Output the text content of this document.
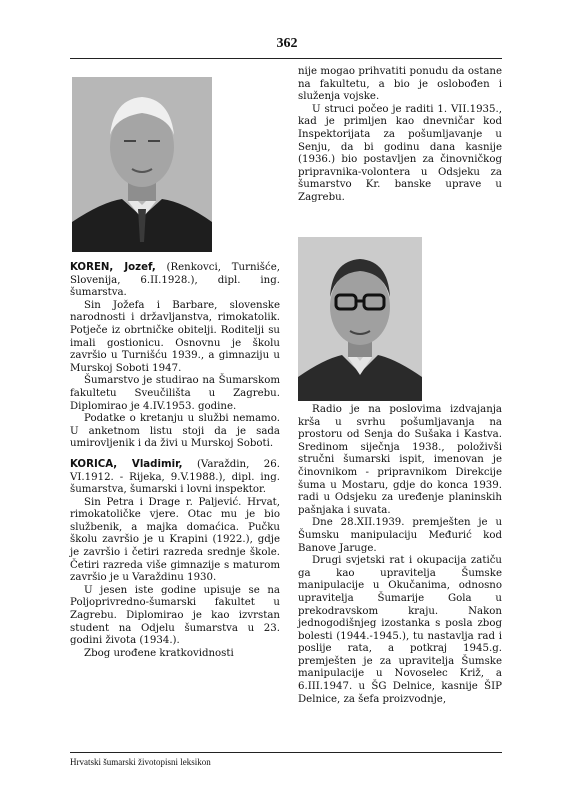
362

KOREN, Jozef, (Renkovci, Turnišće, Slovenija, 6.II.1928.), dipl. ing. šumarstva.

Sin Jožefa i Barbare, slovenske narodnosti i državljanstva, rimokatolik. Potječe iz obrtničke obitelji. Roditelji su imali gostionicu. Osnovnu je školu završio u Turnišću 1939., a gimnaziju u Murskoj Soboti 1947.

Šumarstvo je studirao na Šumarskom fakultetu Sveučilišta u Zagrebu. Diplomirao je 4.IV.1953. godine.

Podatke o kretanju u službi nemamo. U anketnom listu stoji da je sada umirovljenik i da živi u Murskoj Soboti.

KORICA, Vladimir, (Varaždin, 26. VI.1912. - Rijeka, 9.V.1988.), dipl. ing. šumarstva, šumarski i lovni inspektor.

Sin Petra i Drage r. Paljević. Hrvat, rimokatoličke vjere. Otac mu je bio službenik, a majka domaćica. Pučku školu završio je u Krapini (1922.), gdje je završio i četiri razreda srednje škole. Četiri razreda više gimnazije s maturom završio je u Varaždinu 1930.

U jesen iste godine upisuje se na Poljoprivredno-šumarski fakultet u Zagrebu. Diplomirao je kao izvrstan student na Odjelu šumarstva u 23. godini života (1934.).

Zbog urođene kratkovidnosti

nije mogao prihvatiti ponudu da ostane na fakultetu, a bio je oslobođen i služenja vojske.

U struci počeo je raditi 1. VII.1935., kad je primljen kao dnevničar kod Inspektorijata za pošumljavanje u Senju, da bi godinu dana kasnije (1936.) bio postavljen za činovničkog pripravnika-volontera u Odsjeku za šumarstvo Kr. banske uprave u Zagrebu.

Radio je na poslovima izdvajanja krša u svrhu pošumljavanja na prostoru od Senja do Sušaka i Kastva. Sredinom siječnja 1938., položivši stručni šumarski ispit, imenovan je činovnikom - pripravnikom Direkcije šuma u Mostaru, gdje do konca 1939. radi u Odsjeku za uređenje planinskih pašnjaka i suvata.

Dne 28.XII.1939. premješten je u Šumsku manipulaciju Međurić kod Banove Jaruge.

Drugi svjetski rat i okupacija zatiču ga kao upravitelja Šumske manipulacije u Okučanima, odnosno upravitelja Šumarije Gola u prekodravskom kraju. Nakon jednogodišnjeg izostanka s posla zbog bolesti (1944.-1945.), tu nastavlja rad i poslije rata, a potkraj 1945.g. premješten je za upravitelja Šumske manipulacije u Novoselec Križ, a 6.III.1947. u ŠG Delnice, kasnije ŠIP Delnice, za šefa proizvodnje,

Hrvatski šumarski životopisni leksikon
